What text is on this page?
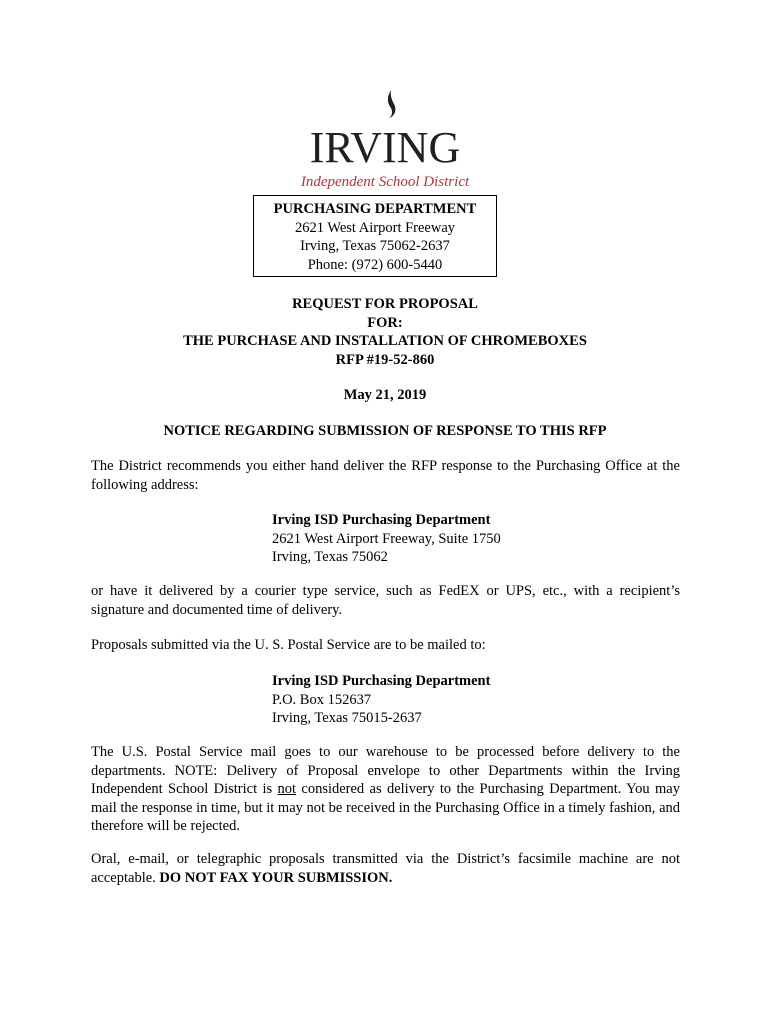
IRVING
Independent School District
PURCHASING DEPARTMENT
2621 West Airport Freeway
Irving, Texas 75062-2637
Phone: (972) 600-5440
REQUEST FOR PROPOSAL
FOR:
THE PURCHASE AND INSTALLATION OF CHROMEBOXES
RFP #19-52-860
May 21, 2019
NOTICE REGARDING SUBMISSION OF RESPONSE TO THIS RFP
The District recommends you either hand deliver the RFP response to the Purchasing Office at the following address:
Irving ISD Purchasing Department
2621 West Airport Freeway, Suite 1750
Irving, Texas 75062
or have it delivered by a courier type service, such as FedEX or UPS, etc., with a recipient’s signature and documented time of delivery.
Proposals submitted via the U. S. Postal Service are to be mailed to:
Irving ISD Purchasing Department
P.O. Box 152637
Irving, Texas 75015-2637
The U.S. Postal Service mail goes to our warehouse to be processed before delivery to the departments. NOTE: Delivery of Proposal envelope to other Departments within the Irving Independent School District is not considered as delivery to the Purchasing Department. You may mail the response in time, but it may not be received in the Purchasing Office in a timely fashion, and therefore will be rejected.
Oral, e-mail, or telegraphic proposals transmitted via the District’s facsimile machine are not acceptable. DO NOT FAX YOUR SUBMISSION.
